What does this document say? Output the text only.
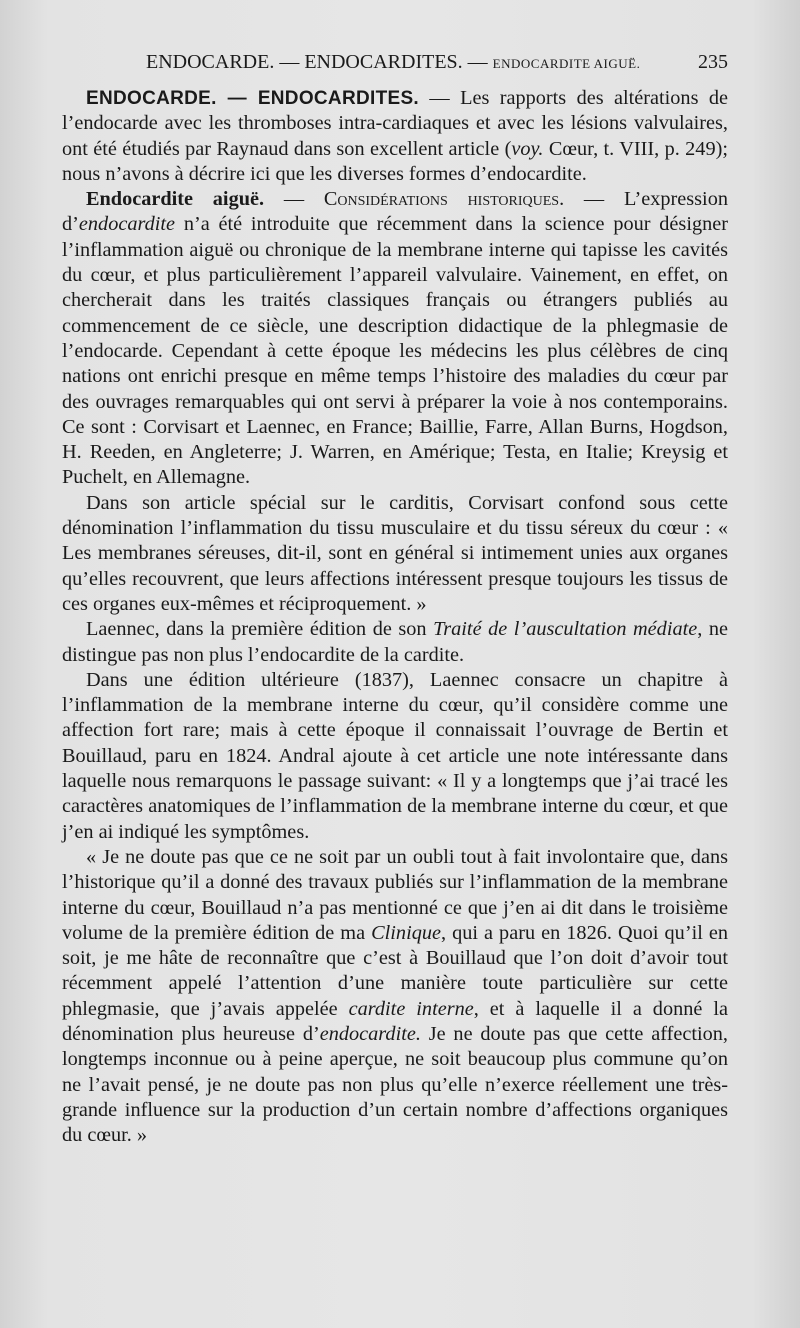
ENDOCARDE. — ENDOCARDITES. — ENDOCARDITE AIGUË.	235

ENDOCARDE. — ENDOCARDITES. — Les rapports des altérations de l’endocarde avec les thromboses intra-cardiaques et avec les lésions valvulaires, ont été étudiés par Raynaud dans son excellent article (voy. Cœur, t. VIII, p. 249); nous n’avons à décrire ici que les diverses formes d’endocardite.

Endocardite aiguë. — Considérations historiques. — L’expression d’endocardite n’a été introduite que récemment dans la science pour désigner l’inflammation aiguë ou chronique de la membrane interne qui tapisse les cavités du cœur, et plus particulièrement l’appareil valvulaire. Vainement, en effet, on chercherait dans les traités classiques français ou étrangers publiés au commencement de ce siècle, une description didactique de la phlegmasie de l’endocarde. Cependant à cette époque les médecins les plus célèbres de cinq nations ont enrichi presque en même temps l’histoire des maladies du cœur par des ouvrages remarquables qui ont servi à préparer la voie à nos contemporains. Ce sont : Corvisart et Laennec, en France; Baillie, Farre, Allan Burns, Hogdson, H. Reeden, en Angleterre; J. Warren, en Amérique; Testa, en Italie; Kreysig et Puchelt, en Allemagne.

Dans son article spécial sur le carditis, Corvisart confond sous cette dénomination l’inflammation du tissu musculaire et du tissu séreux du cœur : « Les membranes séreuses, dit-il, sont en général si intimement unies aux organes qu’elles recouvrent, que leurs affections intéressent presque toujours les tissus de ces organes eux-mêmes et réciproquement. »

Laennec, dans la première édition de son Traité de l’auscultation médiate, ne distingue pas non plus l’endocardite de la cardite.

Dans une édition ultérieure (1837), Laennec consacre un chapitre à l’inflammation de la membrane interne du cœur, qu’il considère comme une affection fort rare; mais à cette époque il connaissait l’ouvrage de Bertin et Bouillaud, paru en 1824. Andral ajoute à cet article une note intéressante dans laquelle nous remarquons le passage suivant: « Il y a longtemps que j’ai tracé les caractères anatomiques de l’inflammation de la membrane interne du cœur, et que j’en ai indiqué les symptômes.

« Je ne doute pas que ce ne soit par un oubli tout à fait involontaire que, dans l’historique qu’il a donné des travaux publiés sur l’inflammation de la membrane interne du cœur, Bouillaud n’a pas mentionné ce que j’en ai dit dans le troisième volume de la première édition de ma Clinique, qui a paru en 1826. Quoi qu’il en soit, je me hâte de reconnaître que c’est à Bouillaud que l’on doit d’avoir tout récemment appelé l’attention d’une manière toute particulière sur cette phlegmasie, que j’avais appelée cardite interne, et à laquelle il a donné la dénomination plus heureuse d’endocardite. Je ne doute pas que cette affection, longtemps inconnue ou à peine aperçue, ne soit beaucoup plus commune qu’on ne l’avait pensé, je ne doute pas non plus qu’elle n’exerce réellement une très-grande influence sur la production d’un certain nombre d’affections organiques du cœur. »
